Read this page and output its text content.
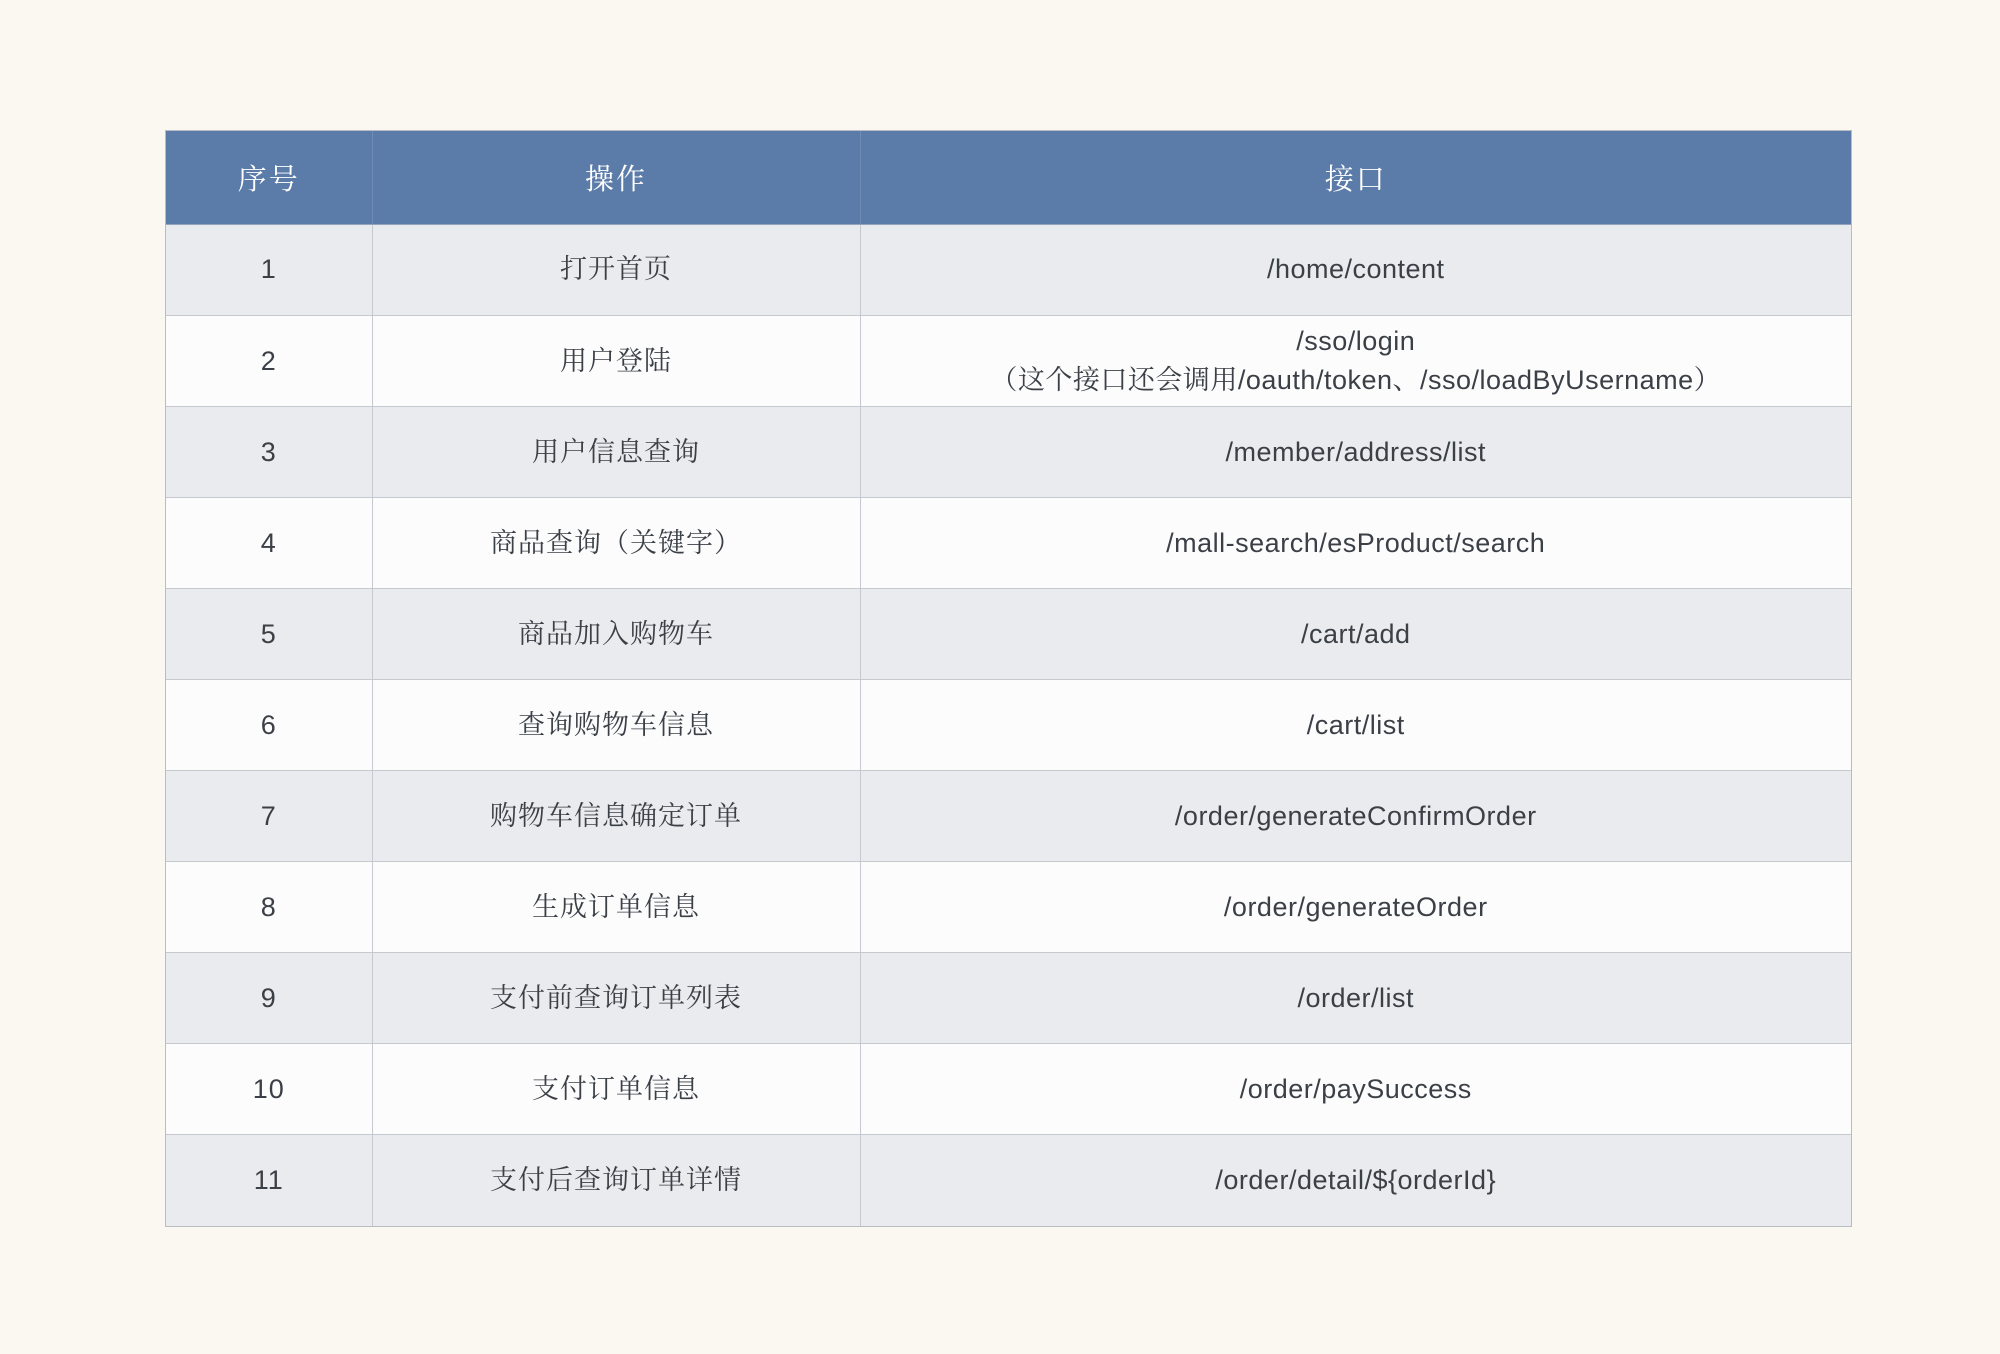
序号	操作	接口
1	打开首页	/home/content

2	用户登陆	/sso/login
（这个接口还会调用/oauth/token、/sso/loadByUsername）

3	用户信息查询	/member/address/list

4	商品查询（关键字）	/mall-search/esProduct/search

5	商品加入购物车	/cart/add

6	查询购物车信息	/cart/list

7	购物车信息确定订单	/order/generateConfirmOrder

8	生成订单信息	/order/generateOrder

9	支付前查询订单列表	/order/list

10	支付订单信息	/order/paySuccess

11	支付后查询订单详情	/order/detail/${orderId}
